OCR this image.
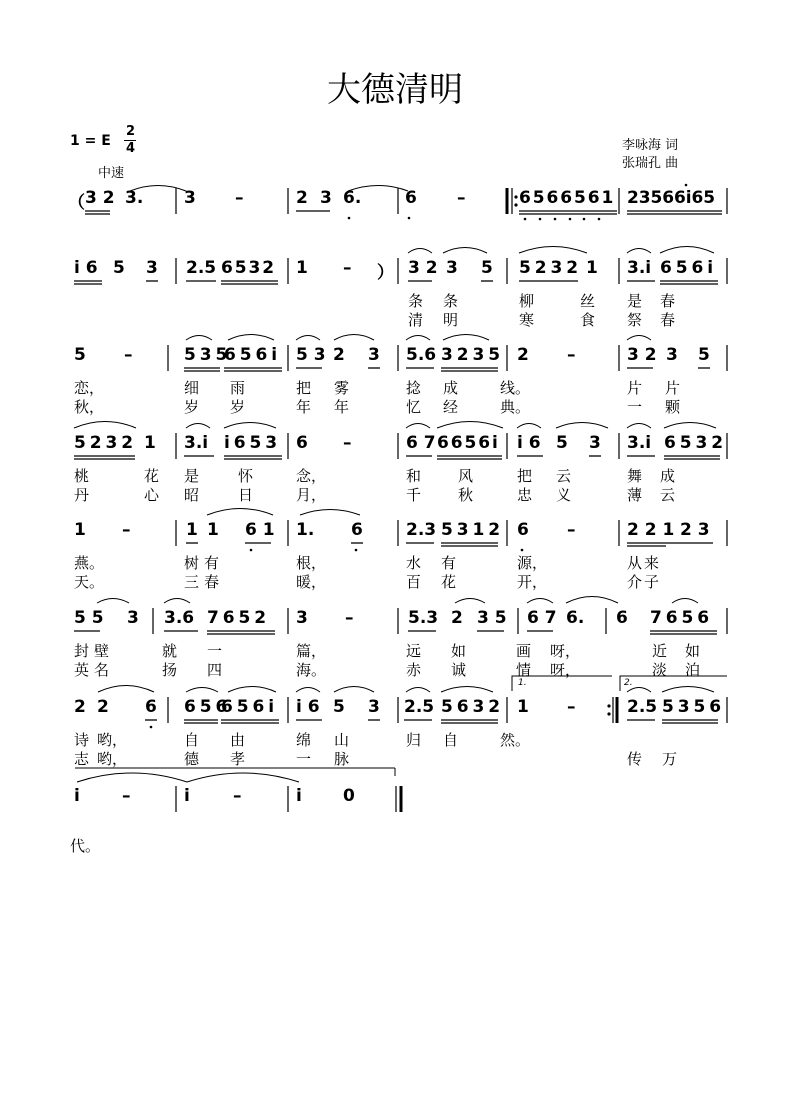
大德清明
1 = E
2
4
中速
李咏海 词
张瑞孔 曲
（ 3 2 3. 3 –	2 3 6.	6 –	6 5 6 6 5 6 1 2 3 5 6 6 i 6 5
i 6 5 3 2.5 6 5 3 2 1 – ） 3 2 3 5 5 2 3 2 1 3.i 6 5 6 i
条 条	柳	丝 是 春
清 明	寒	食 祭 春
5 –	5 3 5
6 5 6 i 5 3 2 3 5.6 3 2 3 5 2 –	3 2 3 5
恋，	细 雨	把 雾	捻 成	线。	片 片
秋，	岁 岁	年 年	忆 经	典。	一 颗
5 2 3 2 1 3.i i 6 5 3 6 –	6 7 6 6 5 6 i i 6 5 3 3.i 6 5 3 2
桃	花 是	怀	念，	和 风	把 云	舞 成
丹	心 昭	日	月，	千 秋	忠 义	薄 云
1 –	1 1 6 1 1. 6	2.3 5 3 1 2 6 –	2 2 1 2 3
燕。	树 有	根，	水 有	源，	从 来
天。	三 春	暖，	百 花	开，	介 子
5 5 3 3.6 7 6 5 2 3 –	5.3 2 3 5 6 7 6. 6 7 6 5 6
封 壁	就 一	篇，	远 如	画 呀，	近 如
英 名	扬 四	海。	赤 诚	情 呀，	淡 泊
2 2 6 6 5 6
6 5 6 i i 6 5 3 2.5 5 6 3 2 1 –	2.5 5 3 5 6
1.	2.
诗 哟，	自 由	绵 山	归 自	然。
志 哟，	德 孝	一 脉	传 万
i –	i	–	i 0
代。
